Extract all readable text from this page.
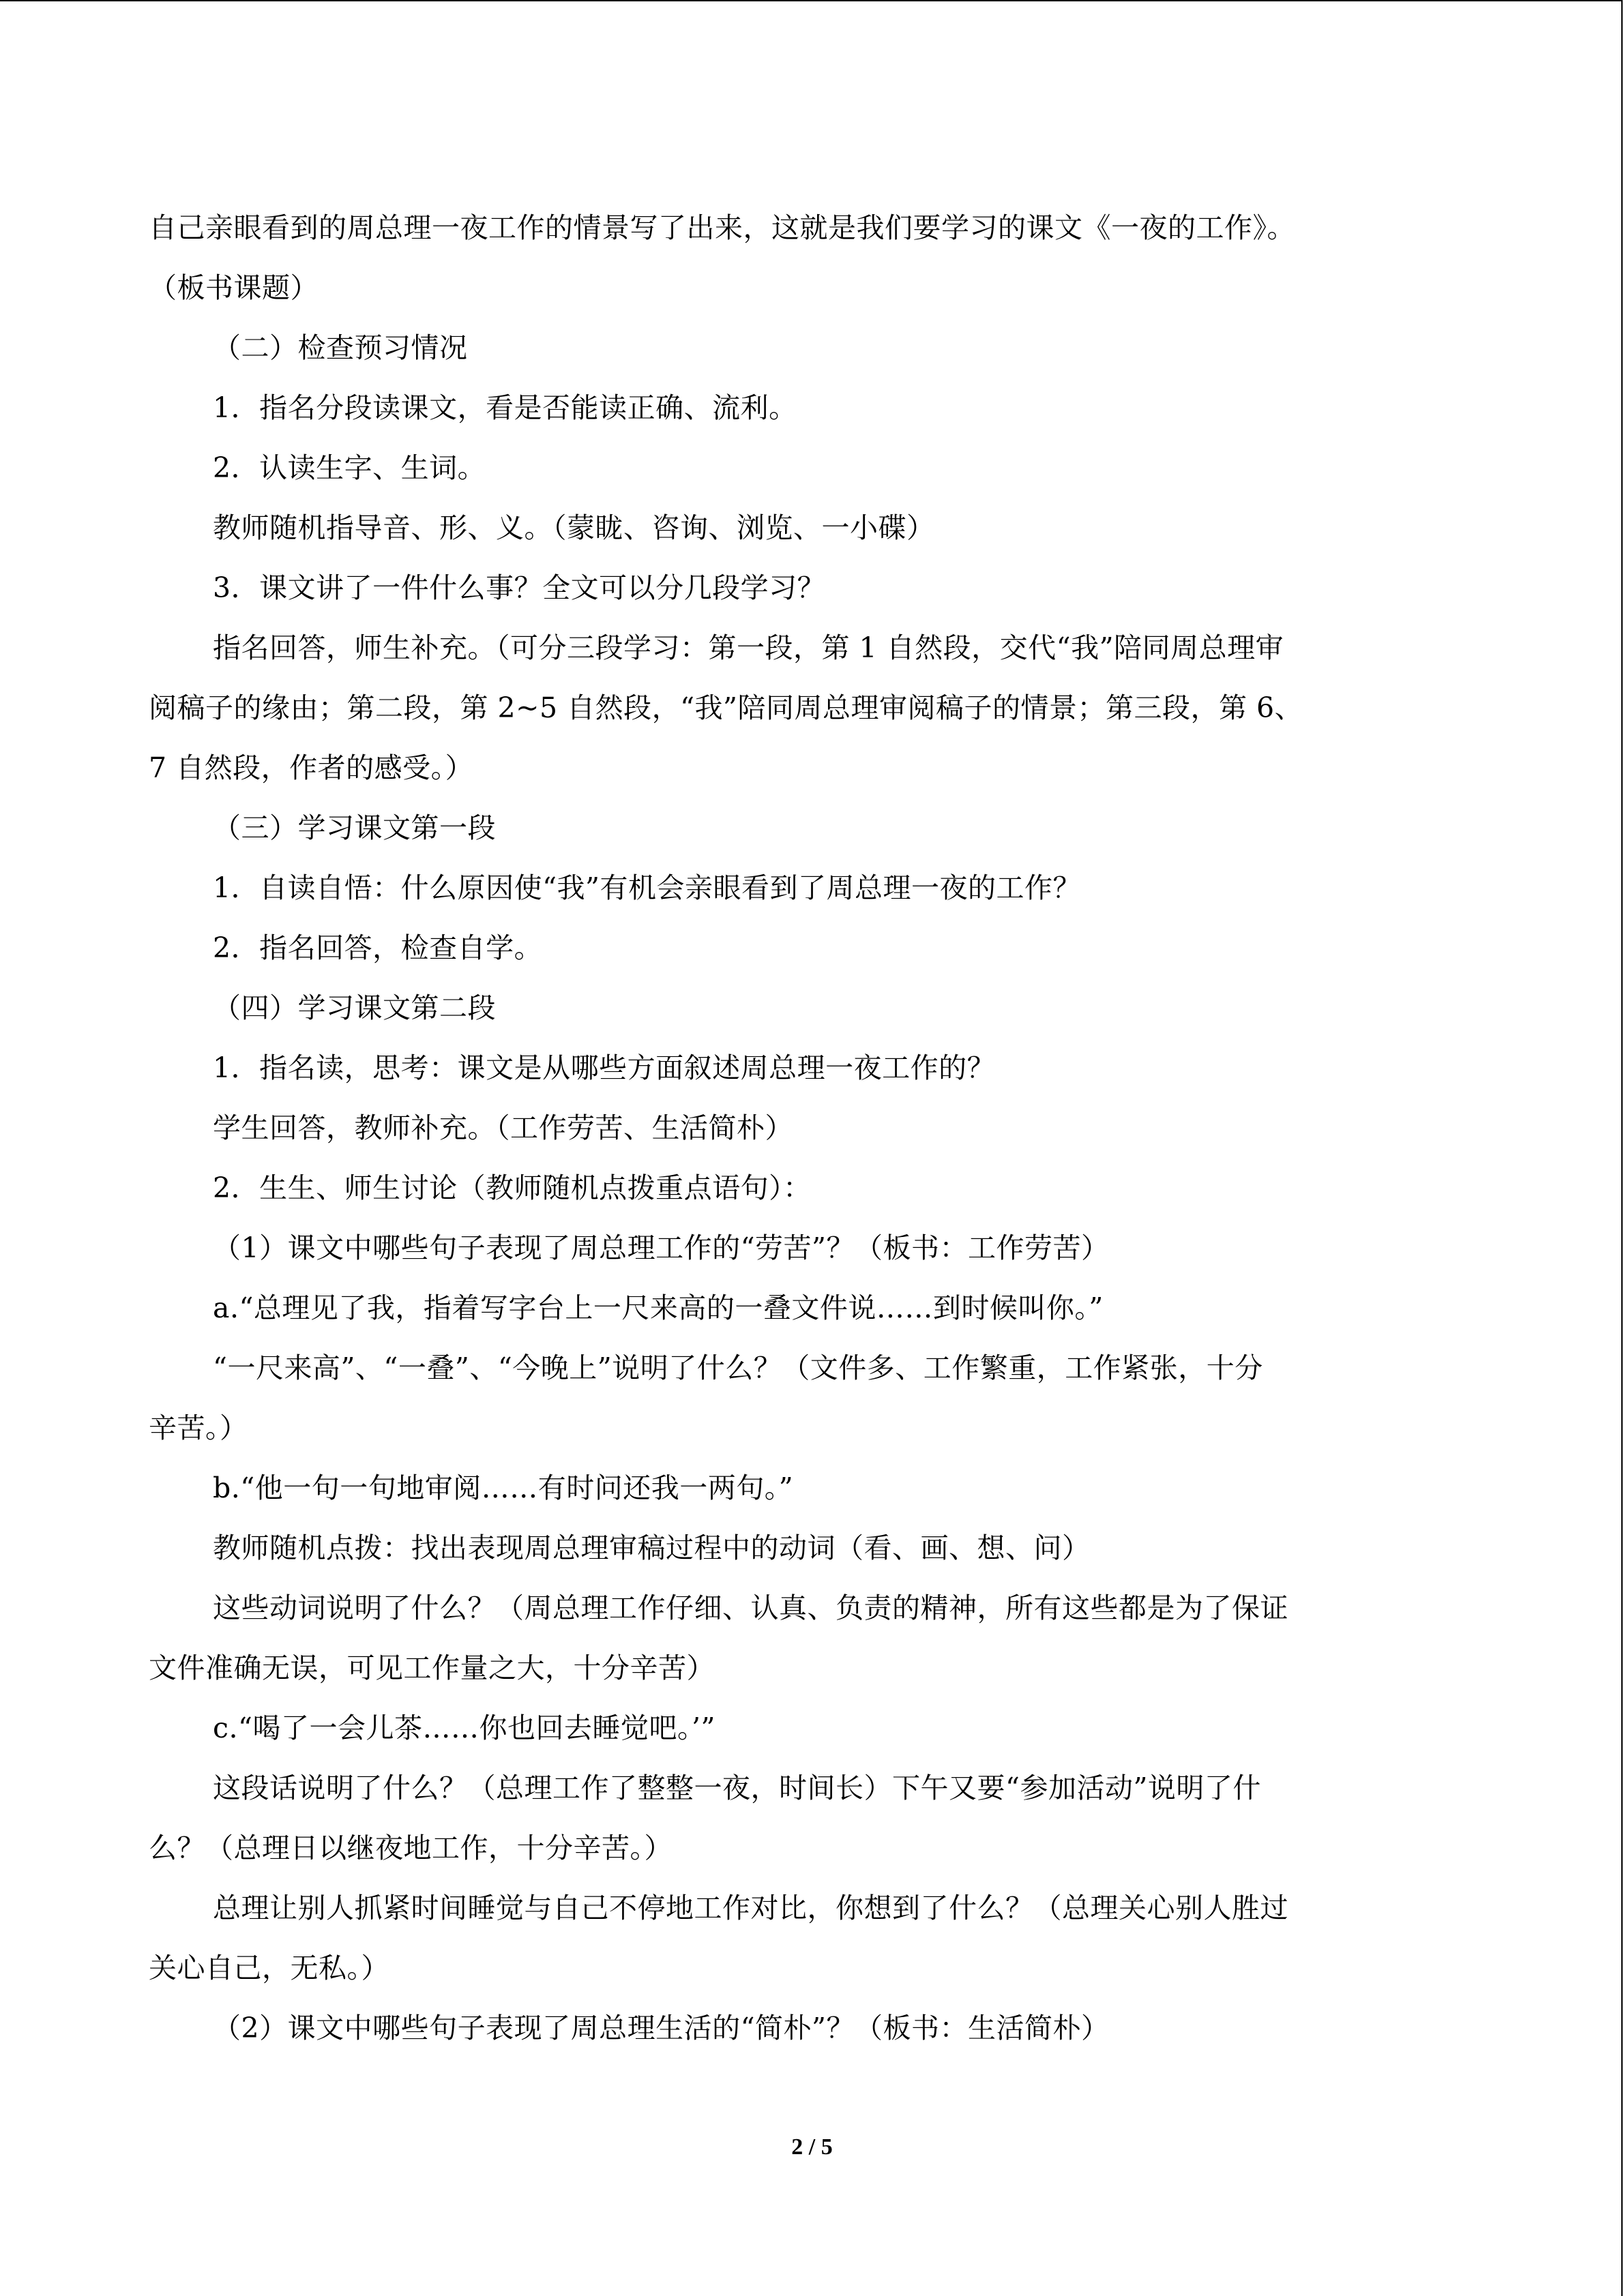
自己亲眼看到的周总理一夜工作的情景写了出来，这就是我们要学习的课文《一夜的工作》。
（板书课题）
（二）检查预习情况
1．指名分段读课文，看是否能读正确、流利。
2．认读生字、生词。
教师随机指导音、形、义。（蒙眬、咨询、浏览、一小碟）
3．课文讲了一件什么事？全文可以分几段学习？
指名回答，师生补充。（可分三段学习：第一段，第 1 自然段，交代“我”陪同周总理审
阅稿子的缘由；第二段，第 2~5 自然段，“我”陪同周总理审阅稿子的情景；第三段，第 6、
7 自然段，作者的感受。）
（三）学习课文第一段
1．自读自悟：什么原因使“我”有机会亲眼看到了周总理一夜的工作？
2．指名回答，检查自学。
（四）学习课文第二段
1．指名读，思考：课文是从哪些方面叙述周总理一夜工作的？
学生回答，教师补充。（工作劳苦、生活简朴）
2．生生、师生讨论（教师随机点拨重点语句）：
（1）课文中哪些句子表现了周总理工作的“劳苦”？（板书：工作劳苦）
a.“总理见了我，指着写字台上一尺来高的一叠文件说……到时候叫你。”
“一尺来高”、“一叠”、“今晚上”说明了什么？（文件多、工作繁重，工作紧张，十分
辛苦。）
b.“他一句一句地审阅……有时问还我一两句。”
教师随机点拨：找出表现周总理审稿过程中的动词（看、画、想、问）
这些动词说明了什么？（周总理工作仔细、认真、负责的精神，所有这些都是为了保证
文件准确无误，可见工作量之大，十分辛苦）
c.“喝了一会儿茶……你也回去睡觉吧。’”
这段话说明了什么？（总理工作了整整一夜，时间长）下午又要“参加活动”说明了什
么？（总理日以继夜地工作，十分辛苦。）
总理让别人抓紧时间睡觉与自己不停地工作对比，你想到了什么？（总理关心别人胜过
关心自己，无私。）
（2）课文中哪些句子表现了周总理生活的“简朴”？（板书：生活简朴）
2 / 5
